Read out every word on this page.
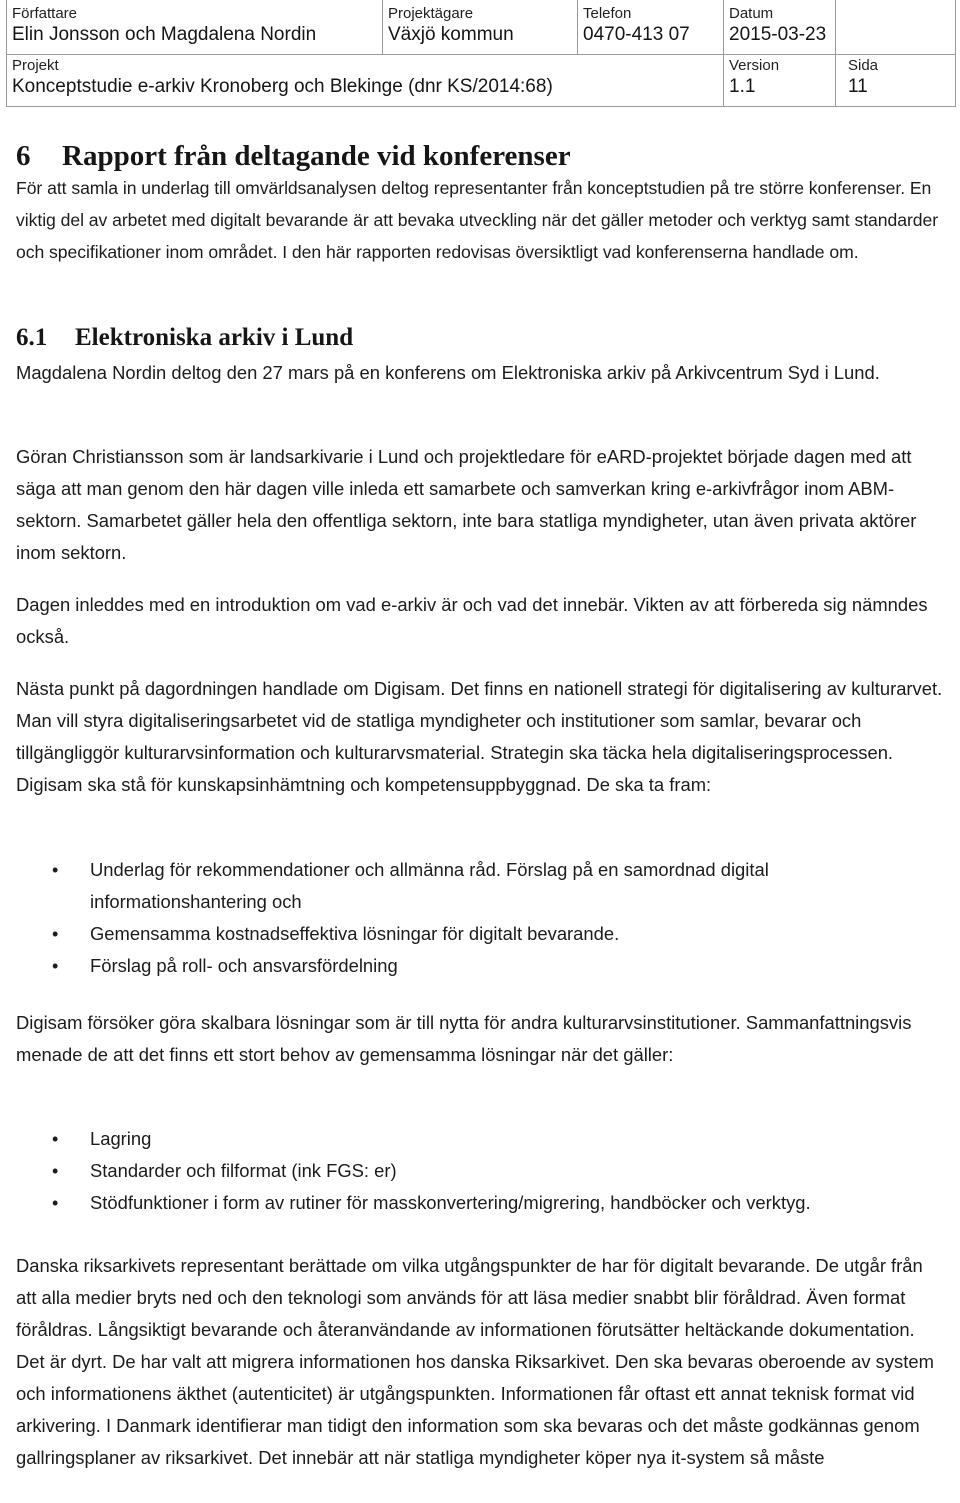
Författare
Elin Jonsson och Magdalena Nordin
Projektägare
Växjö kommun
Telefon
0470-413 07
Datum
2015-03-23
Projekt
Konceptstudie e-arkiv Kronoberg och Blekinge (dnr KS/2014:68)
Version
1.1
Sida
11
6 Rapport från deltagande vid konferenser

För att samla in underlag till omvärldsanalysen deltog representanter från konceptstudien på tre större konferenser. En viktig del av arbetet med digitalt bevarande är att bevaka utveckling när det gäller metoder och verktyg samt standarder och specifikationer inom området. I den här rapporten redovisas översiktligt vad konferenserna handlade om.

6.1 Elektroniska arkiv i Lund

Magdalena Nordin deltog den 27 mars på en konferens om Elektroniska arkiv på Arkivcentrum Syd i Lund.

Göran Christiansson som är landsarkivarie i Lund och projektledare för eARD-projektet började dagen med att säga att man genom den här dagen ville inleda ett samarbete och samverkan kring e-arkivfrågor inom ABM-sektorn. Samarbetet gäller hela den offentliga sektorn, inte bara statliga myndigheter, utan även privata aktörer inom sektorn.

Dagen inleddes med en introduktion om vad e-arkiv är och vad det innebär. Vikten av att förbereda sig nämndes också.

Nästa punkt på dagordningen handlade om Digisam. Det finns en nationell strategi för digitalisering av kulturarvet. Man vill styra digitaliseringsarbetet vid de statliga myndigheter och institutioner som samlar, bevarar och tillgängliggör kulturarvsinformation och kulturarvsmaterial. Strategin ska täcka hela digitaliseringsprocessen. Digisam ska stå för kunskapsinhämtning och kompetensuppbyggnad. De ska ta fram:

• Underlag för rekommendationer och allmänna råd. Förslag på en samordnad digital informationshantering och
• Gemensamma kostnadseffektiva lösningar för digitalt bevarande.
• Förslag på roll- och ansvarsfördelning

Digisam försöker göra skalbara lösningar som är till nytta för andra kulturarvsinstitutioner. Sammanfattningsvis menade de att det finns ett stort behov av gemensamma lösningar när det gäller:

• Lagring
• Standarder och filformat (ink FGS: er)
• Stödfunktioner i form av rutiner för masskonvertering/migrering, handböcker och verktyg.

Danska riksarkivets representant berättade om vilka utgångspunkter de har för digitalt bevarande. De utgår från att alla medier bryts ned och den teknologi som används för att läsa medier snabbt blir föråldrad. Även format föråldras. Långsiktigt bevarande och återanvändande av informationen förutsätter heltäckande dokumentation. Det är dyrt. De har valt att migrera informationen hos danska Riksarkivet. Den ska bevaras oberoende av system och informationens äkthet (autenticitet) är utgångspunkten. Informationen får oftast ett annat teknisk format vid arkivering. I Danmark identifierar man tidigt den information som ska bevaras och det måste godkännas genom gallringsplaner av riksarkivet. Det innebär att när statliga myndigheter köper nya it-system så måste
